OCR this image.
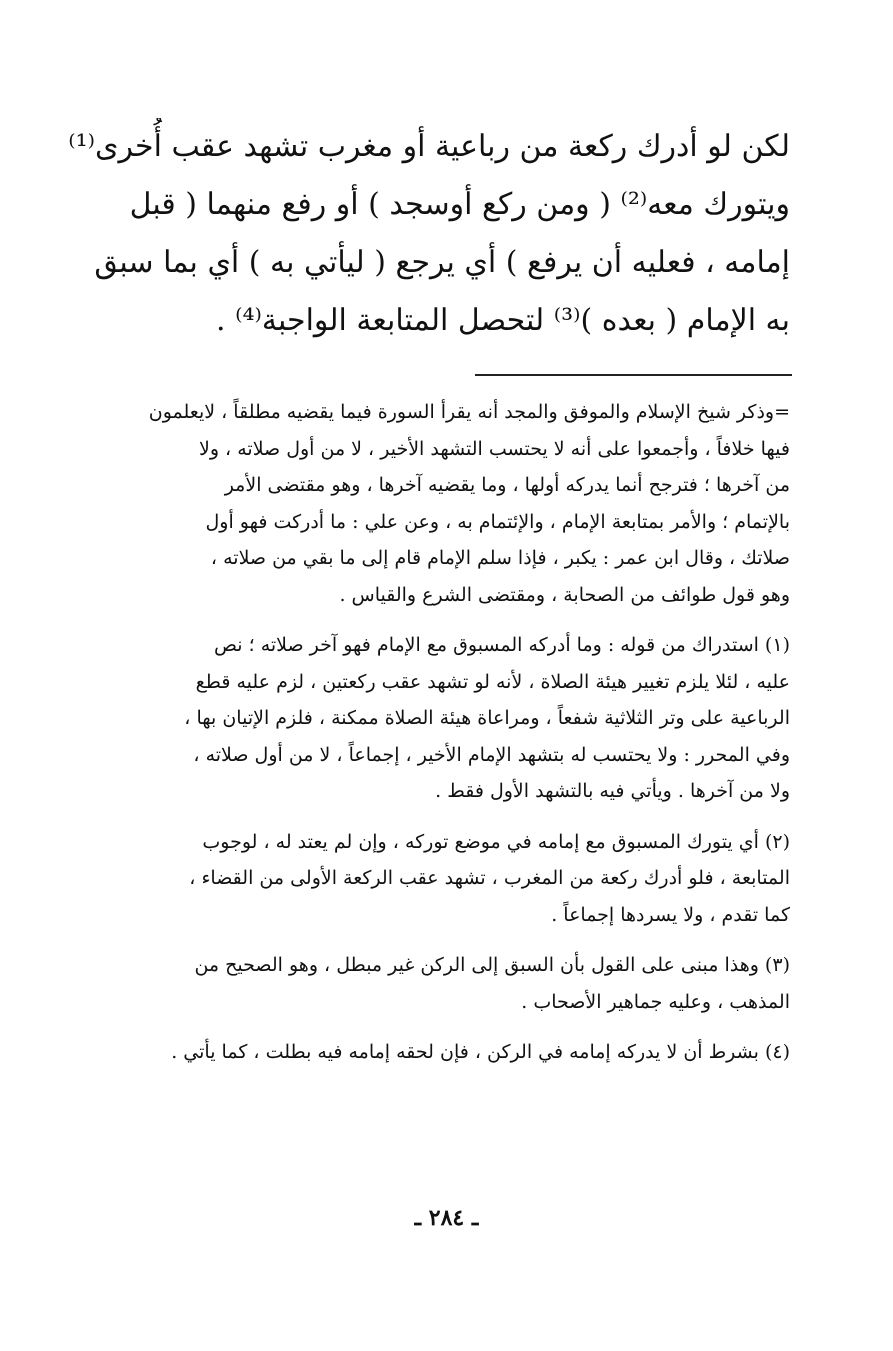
لكن لو أدرك ركعة من رباعية أو مغرب تشهد عقب أُخرى⁽¹⁾
ويتورك معه⁽²⁾ ( ومن ركع أوسجد ) أو رفع منهما ( قبل
إمامه ، فعليه أن يرفع ) أي يرجع ( ليأتي به ) أي بما سبق
به الإمام ( بعده )⁽³⁾ لتحصل المتابعة الواجبة⁽⁴⁾ .
=وذكر شيخ الإسلام والموفق والمجد أنه يقرأ السورة فيما يقضيه مطلقاً ، لايعلمون
فيها خلافاً ، وأجمعوا على أنه لا يحتسب التشهد الأخير ، لا من أول صلاته ، ولا
من آخرها ؛ فترجح أنما يدركه أولها ، وما يقضيه آخرها ، وهو مقتضى الأمر
بالإتمام ؛ والأمر بمتابعة الإمام ، والإئتمام به ، وعن علي : ما أدركت فهو أول
صلاتك ، وقال ابن عمر : يكبر ، فإذا سلم الإمام قام إلى ما بقي من صلاته ،
وهو قول طوائف من الصحابة ، ومقتضى الشرع والقياس .
(١) استدراك من قوله : وما أدركه المسبوق مع الإمام فهو آخر صلاته ؛ نص
عليه ، لئلا يلزم تغيير هيئة الصلاة ، لأنه لو تشهد عقب ركعتين ، لزم عليه قطع
الرباعية على وتر الثلاثية شفعاً ، ومراعاة هيئة الصلاة ممكنة ، فلزم الإتيان بها ،
وفي المحرر : ولا يحتسب له بتشهد الإمام الأخير ، إجماعاً ، لا من أول صلاته ،
ولا من آخرها . ويأتي فيه بالتشهد الأول فقط .
(٢) أي يتورك المسبوق مع إمامه في موضع توركه ، وإن لم يعتد له ، لوجوب
المتابعة ، فلو أدرك ركعة من المغرب ، تشهد عقب الركعة الأولى من القضاء ،
كما تقدم ، ولا يسردها إجماعاً .
(٣) وهذا مبنى على القول بأن السبق إلى الركن غير مبطل ، وهو الصحيح من
المذهب ، وعليه جماهير الأصحاب .
(٤) بشرط أن لا يدركه إمامه في الركن ، فإن لحقه إمامه فيه بطلت ، كما يأتي .
ـ ٢٨٤ ـ
